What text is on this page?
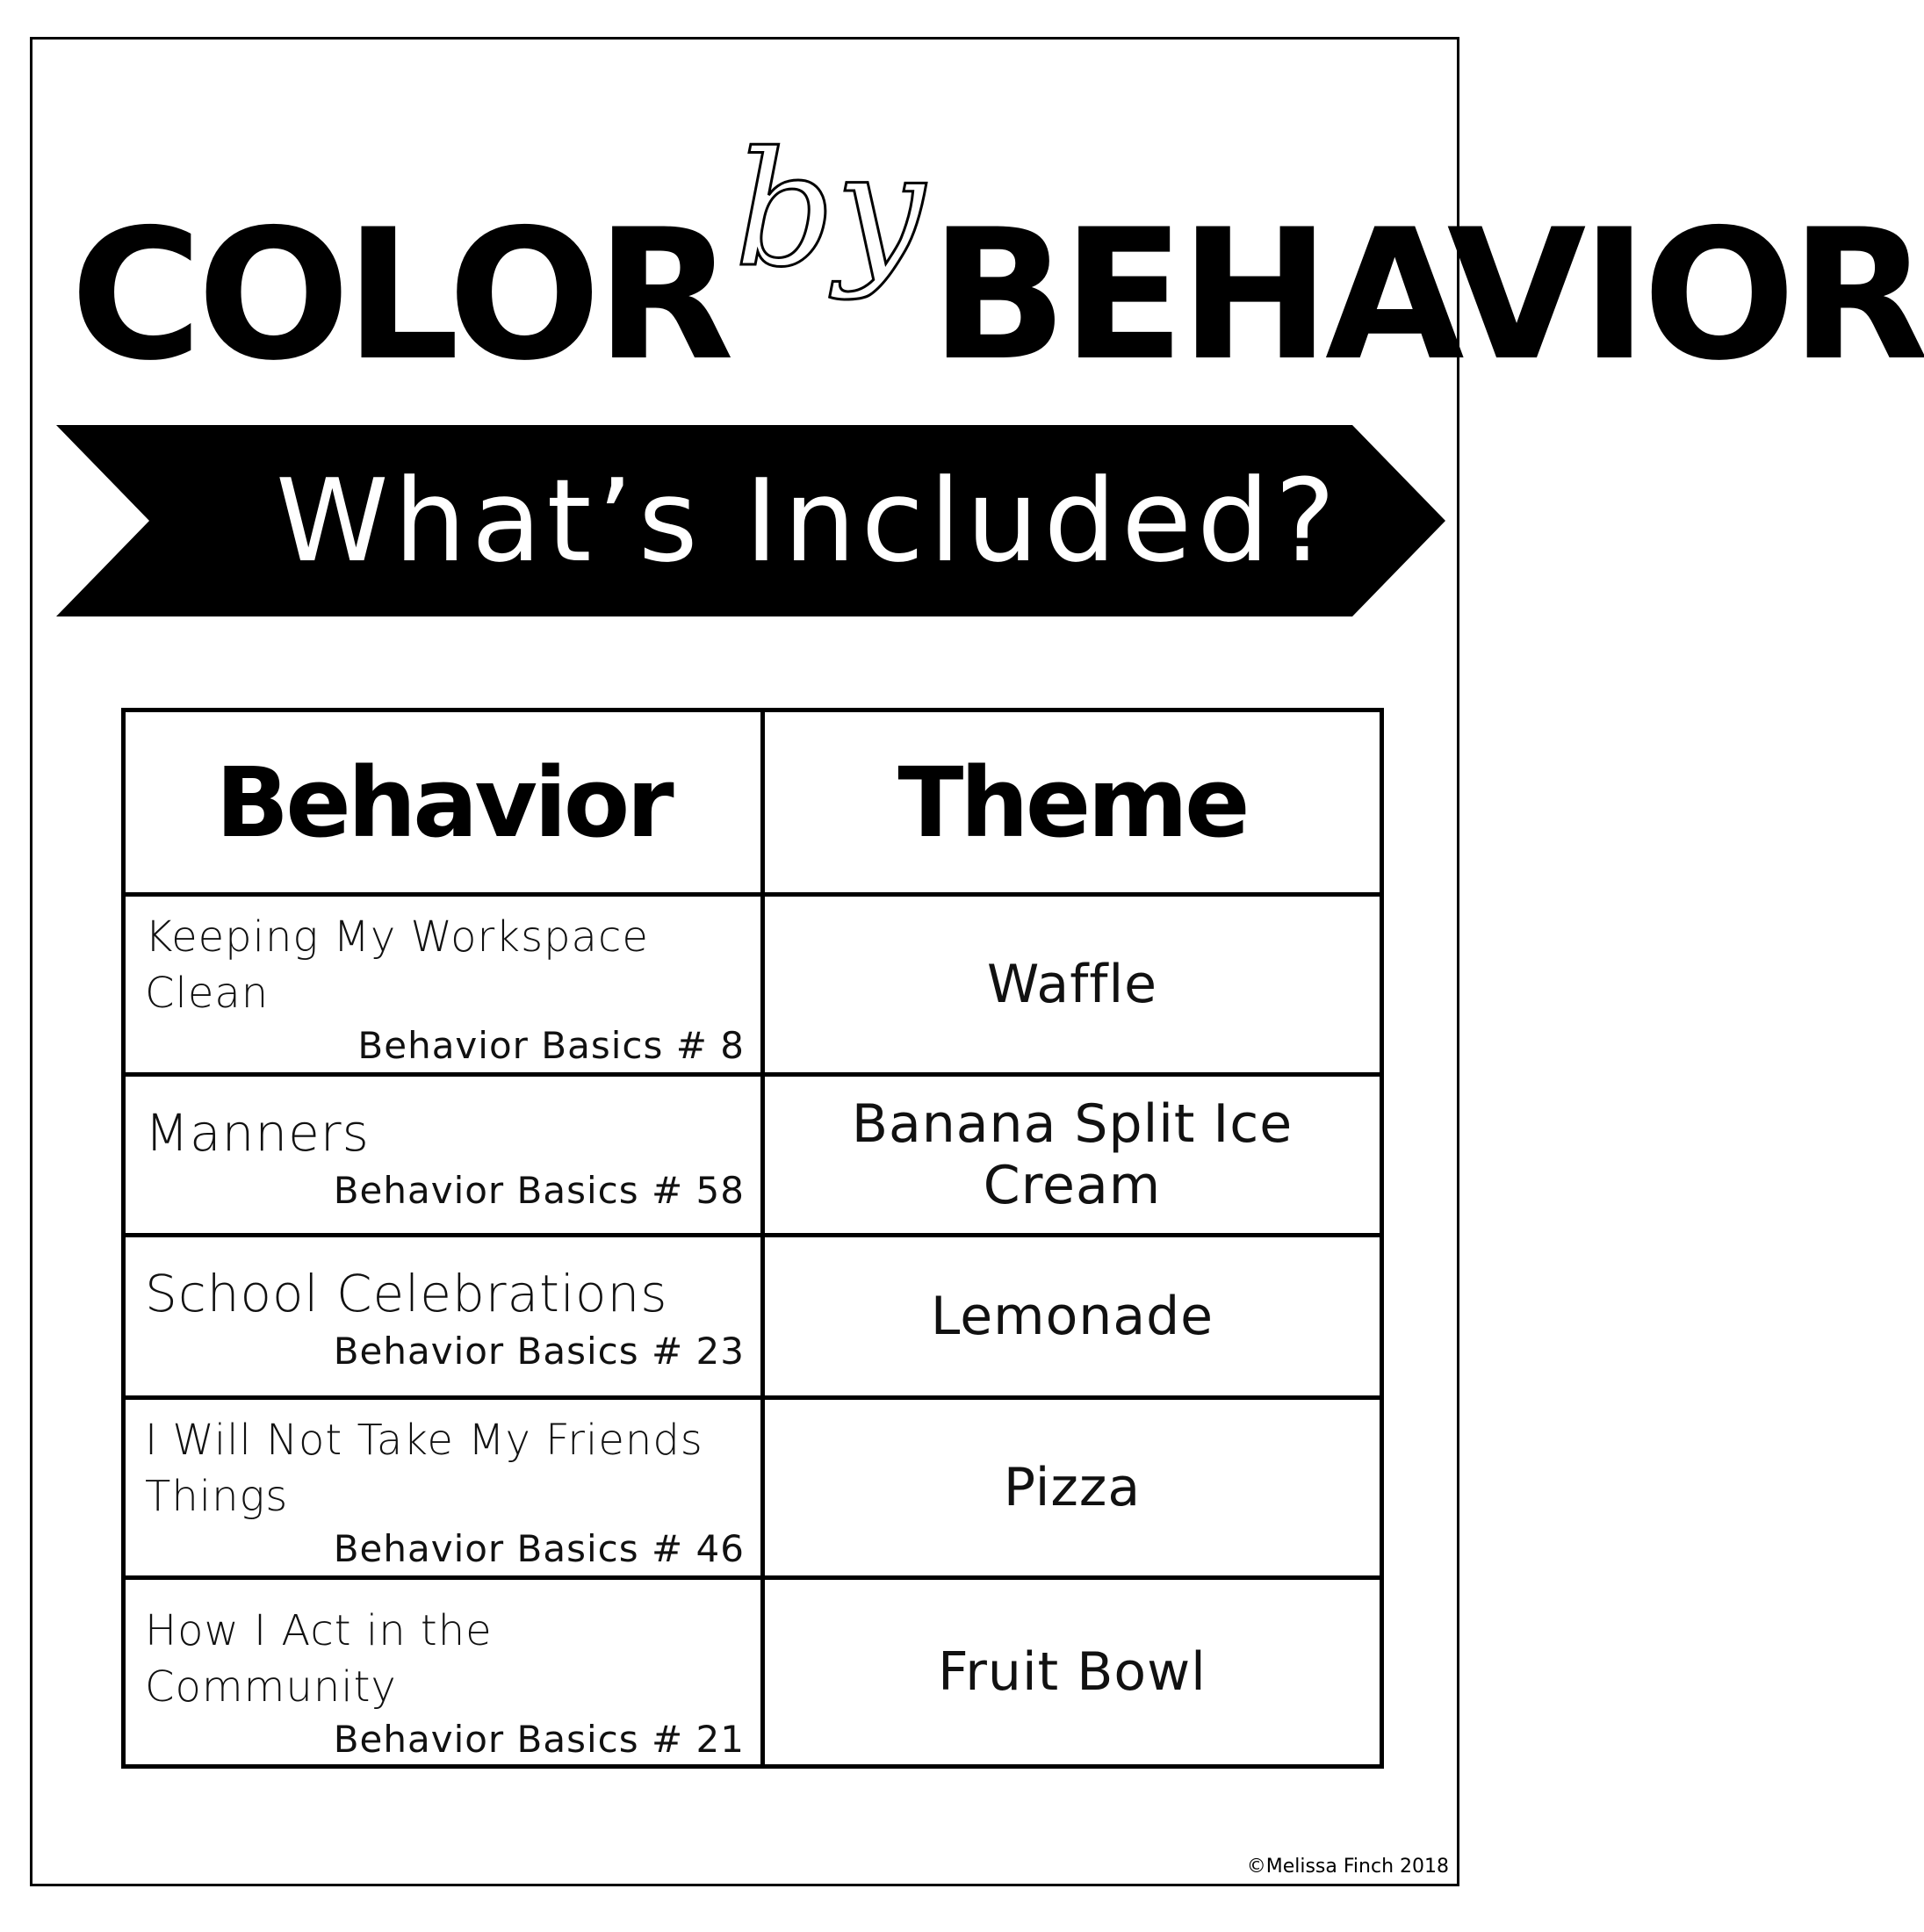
COLOR by BEHAVIOR
What’s Included?
Behavior	Theme

Keeping My Workspace Clean
Behavior Basics # 8	Waffle

Manners
Behavior Basics # 58	Banana Split Ice Cream

School Celebrations
Behavior Basics # 23	Lemonade

I Will Not Take My Friends Things
Behavior Basics # 46	Pizza

How I Act in the Community
Behavior Basics # 21	Fruit Bowl
©Melissa Finch 2018
